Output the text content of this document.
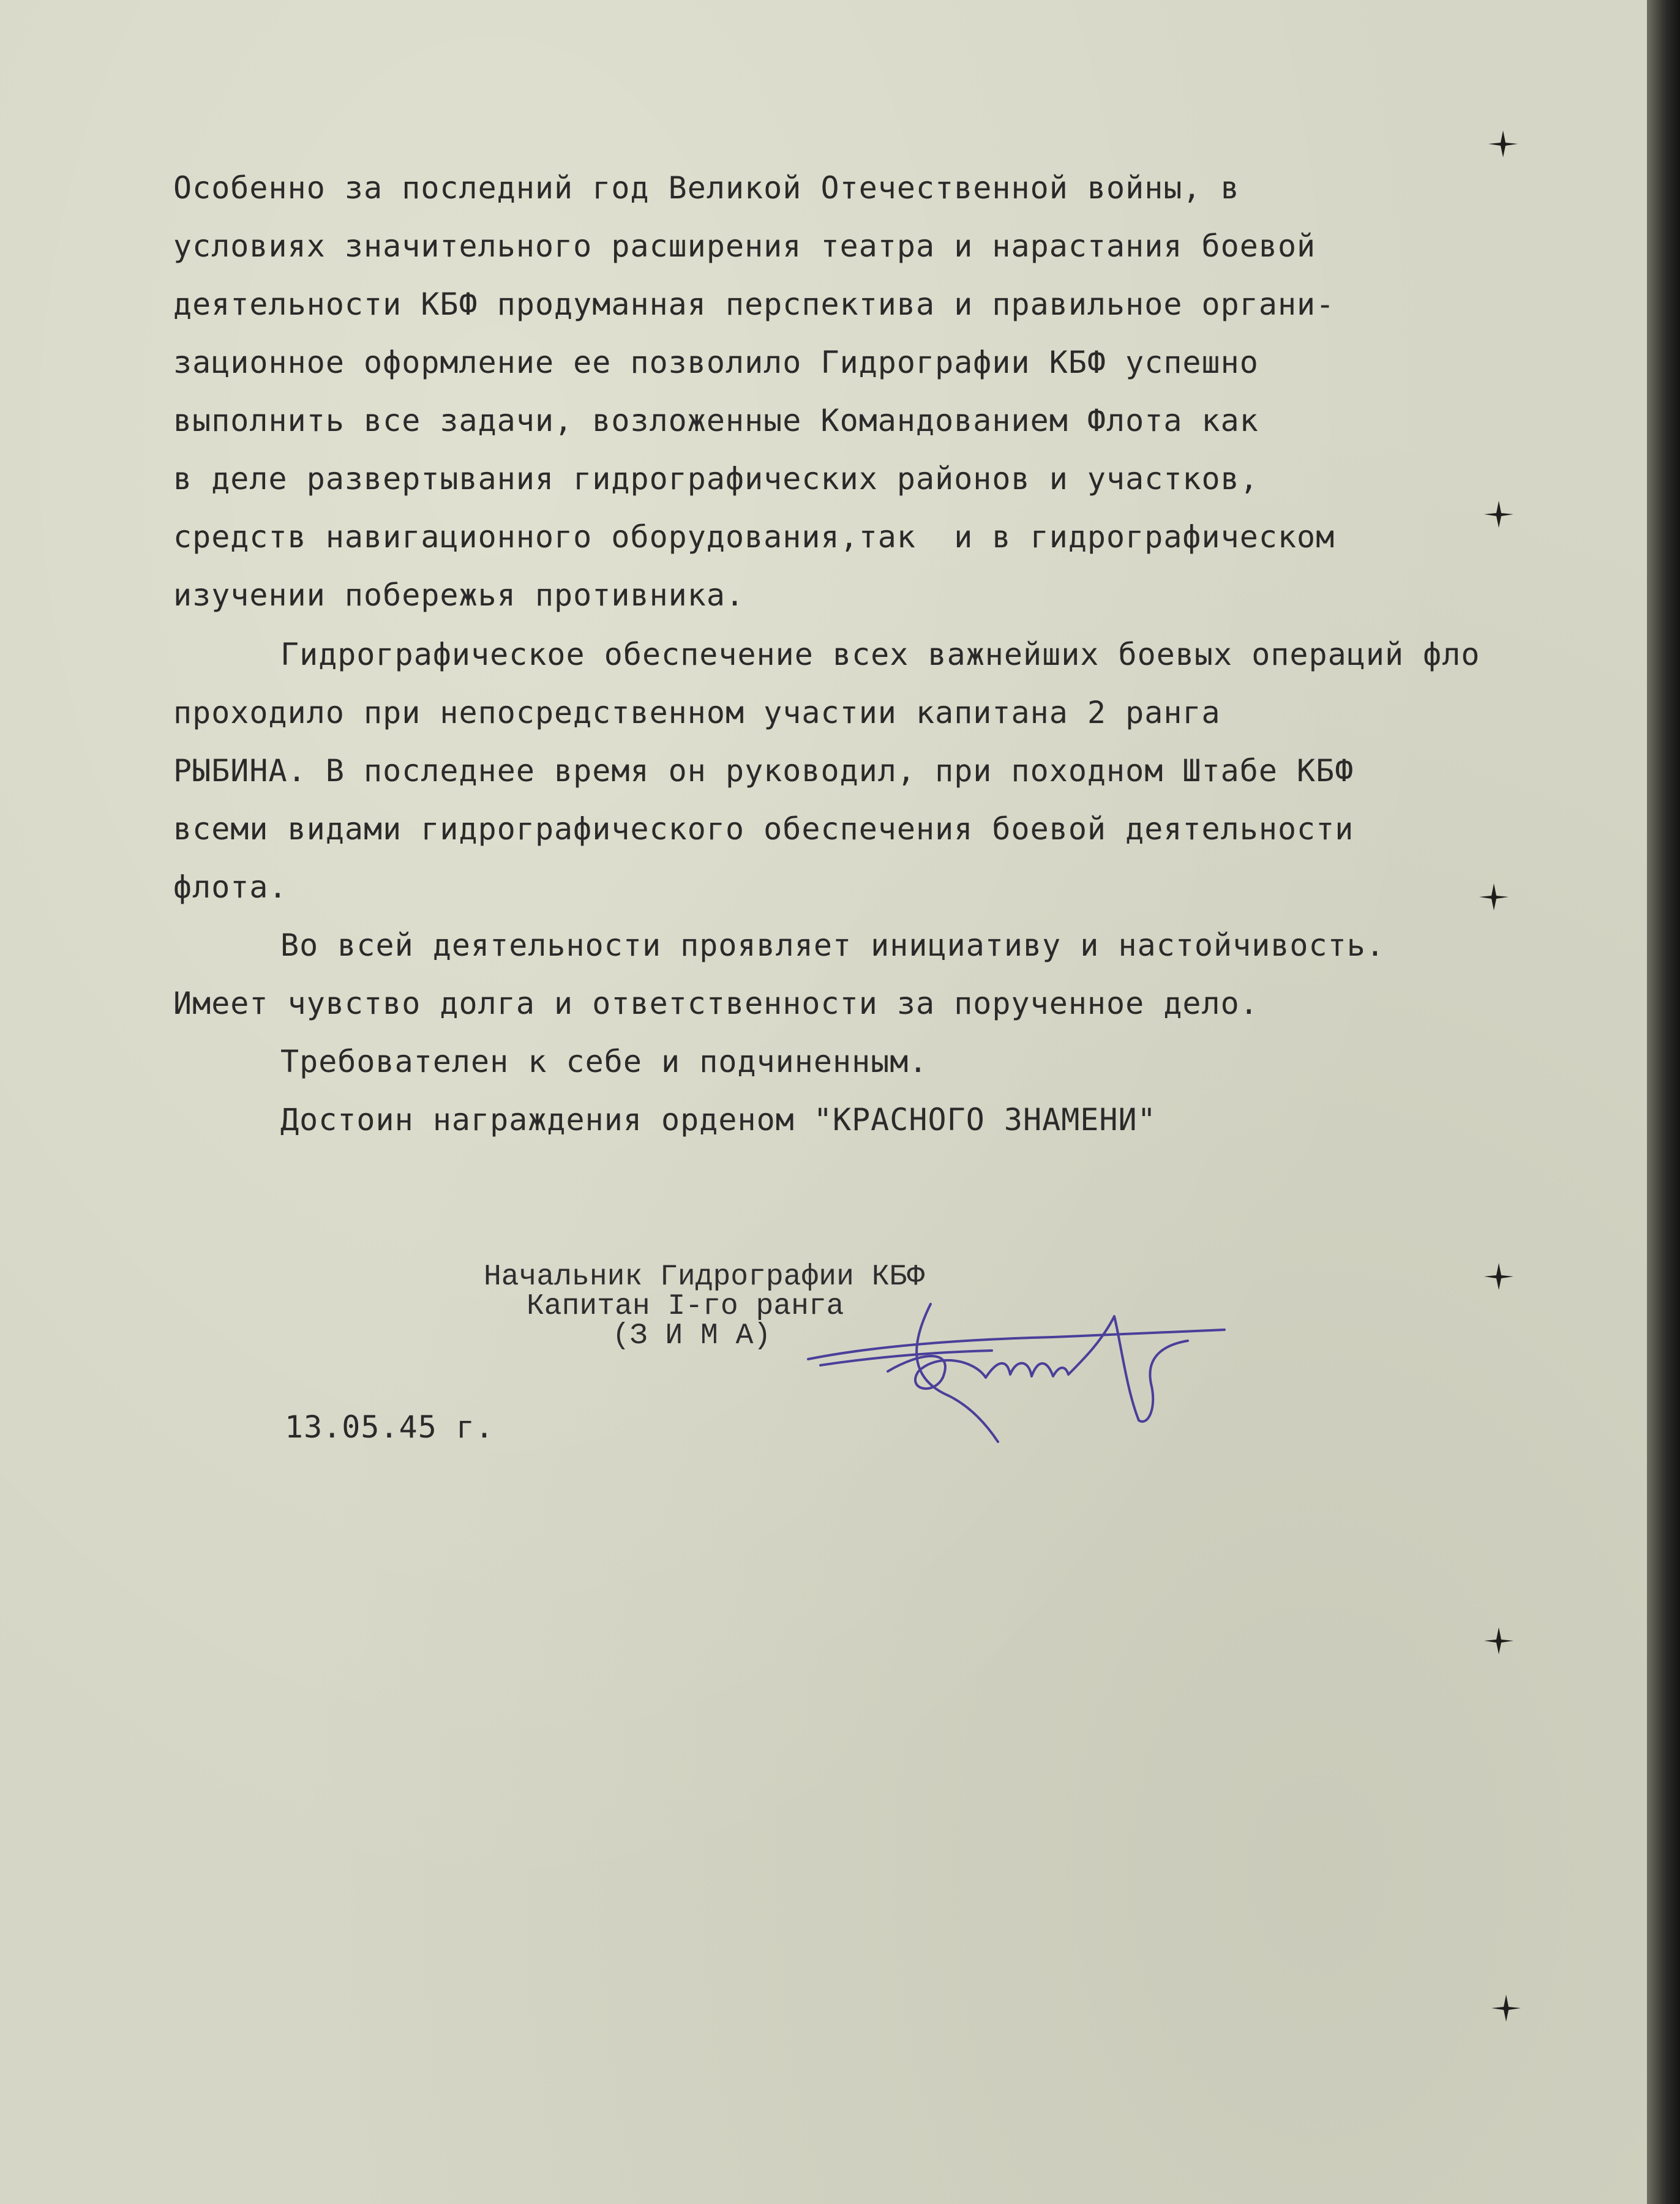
Особенно за последний год Великой Отечественной войны, в
условиях значительного расширения театра и нарастания боевой
деятельности КБФ продуманная перспектива и правильное органи-
зационное оформление ее позволило Гидрографии КБФ успешно
выполнить все задачи, возложенные Командованием Флота как
в деле развертывания гидрографических районов и участков,
средств навигационного оборудования,так  и в гидрографическом
изучении побережья противника.
Гидрографическое обеспечение всех важнейших боевых операций фло
проходило при непосредственном участии капитана 2 ранга
РЫБИНА. В последнее время он руководил, при походном Штабе КБФ
всеми видами гидрографического обеспечения боевой деятельности
флота.
Во всей деятельности проявляет инициативу и настойчивость.
Имеет чувство долга и ответственности за порученное дело.
Требователен к себе и подчиненным.
Достоин награждения орденом "КРАСНОГО ЗНАМЕНИ"
Начальник Гидрографии КБФ
Капитан I-го ранга
(З И М А)
13.05.45 г.
